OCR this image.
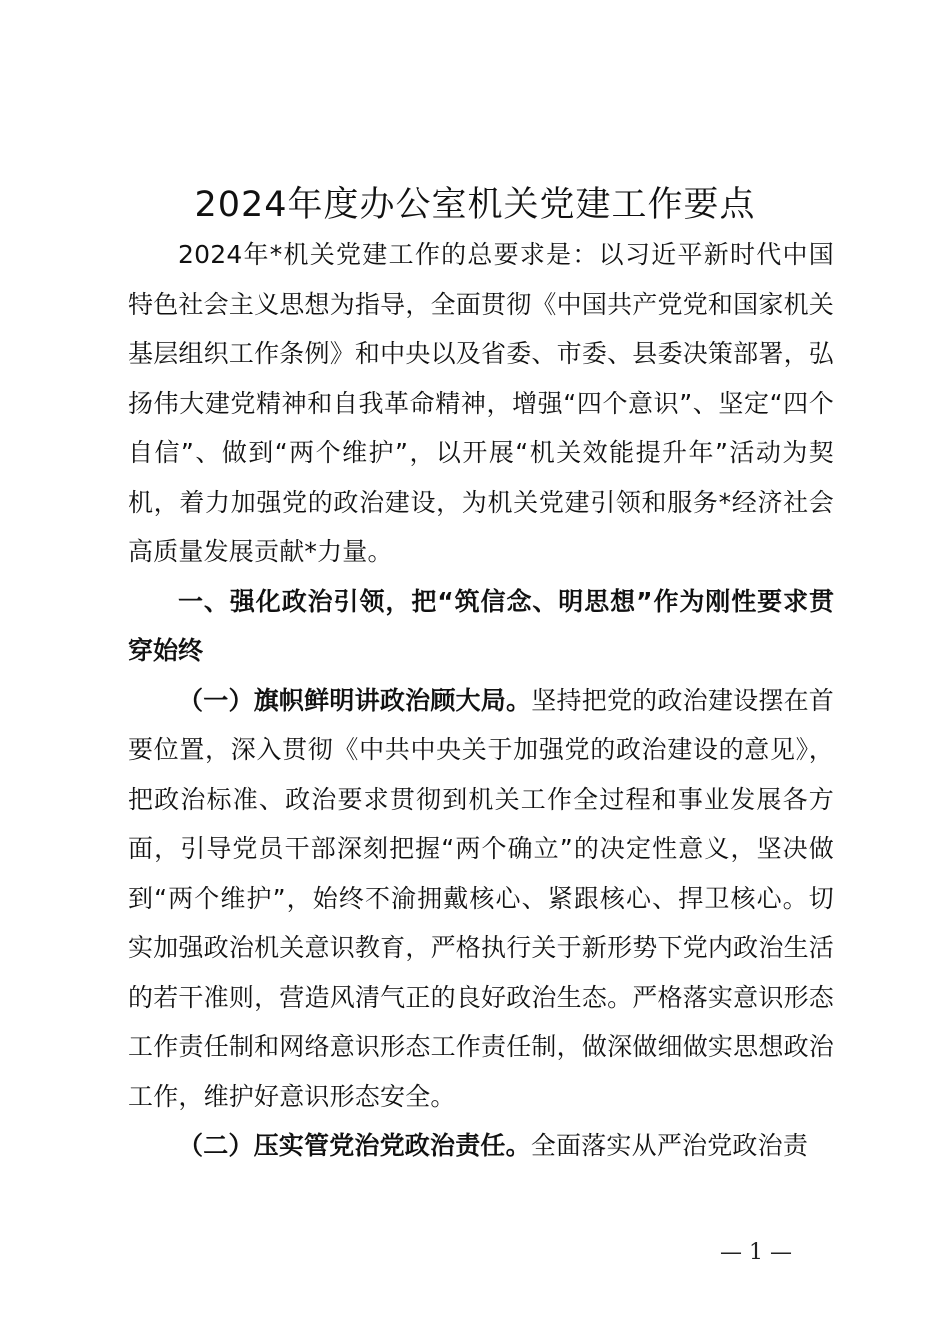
2024年度办公室机关党建工作要点

2024年*机关党建工作的总要求是：以习近平新时代中国特色社会主义思想为指导，全面贯彻《中国共产党党和国家机关基层组织工作条例》和中央以及省委、市委、县委决策部署，弘扬伟大建党精神和自我革命精神，增强“四个意识”、坚定“四个自信”、做到“两个维护”，以开展“机关效能提升年”活动为契机，着力加强党的政治建设，为机关党建引领和服务*经济社会高质量发展贡献*力量。

一、强化政治引领，把“筑信念、明思想”作为刚性要求贯穿始终

（一）旗帜鲜明讲政治顾大局。坚持把党的政治建设摆在首要位置，深入贯彻《中共中央关于加强党的政治建设的意见》，把政治标准、政治要求贯彻到机关工作全过程和事业发展各方面，引导党员干部深刻把握“两个确立”的决定性意义，坚决做到“两个维护”，始终不渝拥戴核心、紧跟核心、捍卫核心。切实加强政治机关意识教育，严格执行关于新形势下党内政治生活的若干准则，营造风清气正的良好政治生态。严格落实意识形态工作责任制和网络意识形态工作责任制，做深做细做实思想政治工作，维护好意识形态安全。

（二）压实管党治党政治责任。全面落实从严治党政治责

— 1 —
